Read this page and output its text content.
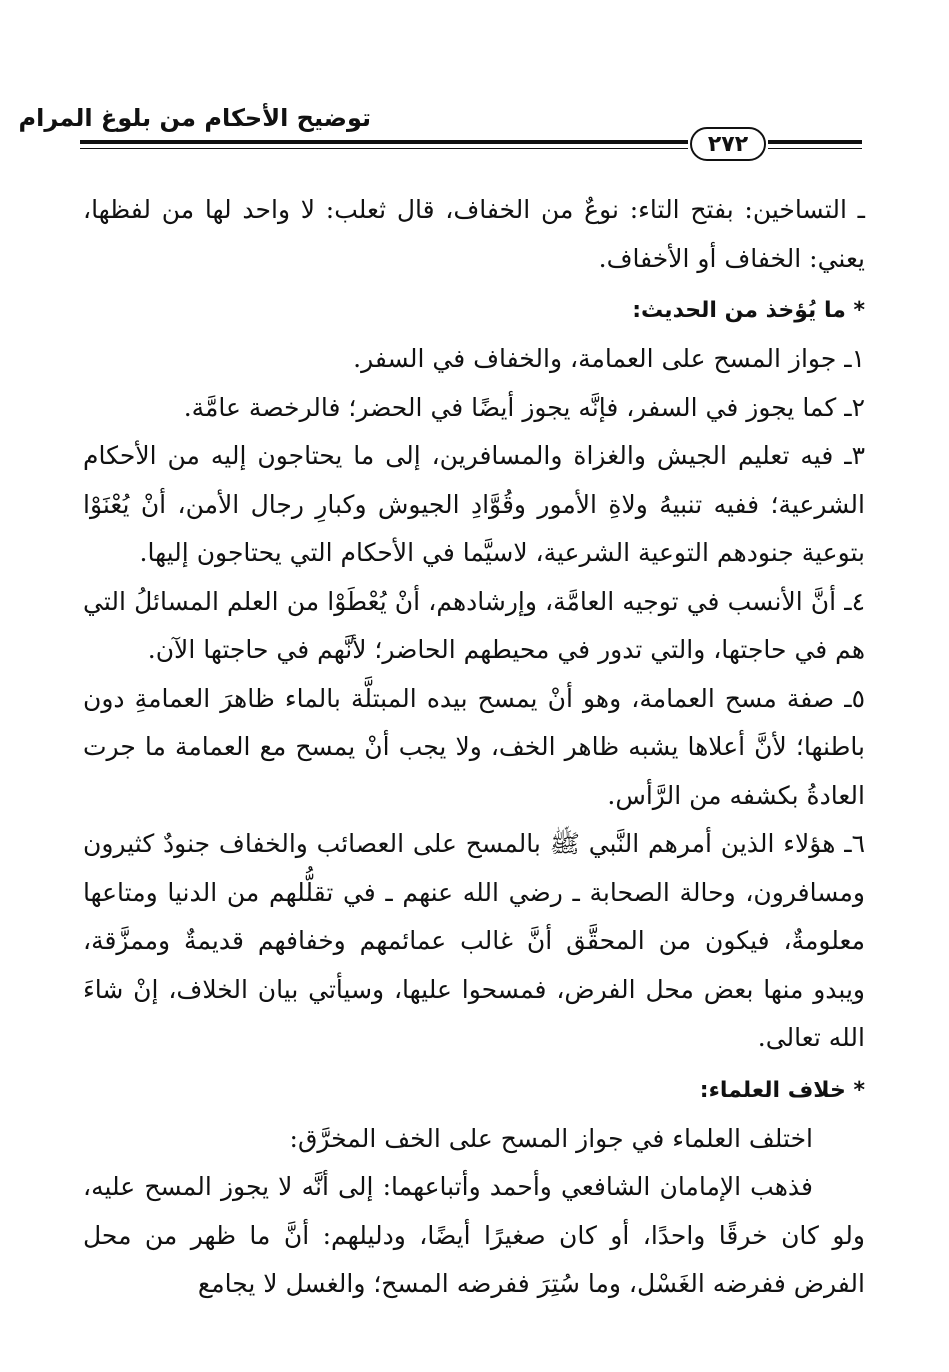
توضيح الأحكام من بلوغ المرام
٢٧٢

ـ التساخين: بفتح التاء: نوعٌ من الخفاف، قال ثعلب: لا واحد لها من لفظها، يعني: الخفاف أو الأخفاف.

* ما يُؤخذ من الحديث:

١ـ جواز المسح على العمامة، والخفاف في السفر.

٢ـ كما يجوز في السفر، فإنَّه يجوز أيضًا في الحضر؛ فالرخصة عامَّة.

٣ـ فيه تعليم الجيش والغزاة والمسافرين، إلى ما يحتاجون إليه من الأحكام الشرعية؛ ففيه تنبيهُ ولاةِ الأمور وقُوَّادِ الجيوش وكبارِ رجال الأمن، أنْ يُعْنَوْا بتوعية جنودهم التوعية الشرعية، لاسيَّما في الأحكام التي يحتاجون إليها.

٤ـ أنَّ الأنسب في توجيه العامَّة، وإرشادهم، أنْ يُعْطَوْا من العلم المسائلُ التي هم في حاجتها، والتي تدور في محيطهم الحاضر؛ لأنَّهم في حاجتها الآن.

٥ـ صفة مسح العمامة، وهو أنْ يمسح بيده المبتلَّة بالماء ظاهرَ العمامةِ دون باطنها؛ لأنَّ أعلاها يشبه ظاهر الخف، ولا يجب أنْ يمسح مع العمامة ما جرت العادةُ بكشفه من الرَّأس.

٦ـ هؤلاء الذين أمرهم النَّبي ﷺ بالمسح على العصائب والخفاف جنودٌ كثيرون ومسافرون، وحالة الصحابة ـ رضي الله عنهم ـ في تقلُّلهم من الدنيا ومتاعها معلومةٌ، فيكون من المحقَّق أنَّ غالب عمائمهم وخفافهم قديمةٌ وممزَّقة، ويبدو منها بعض محل الفرض، فمسحوا عليها، وسيأتي بيان الخلاف، إنْ شاءَ الله تعالى.

* خلاف العلماء:

اختلف العلماء في جواز المسح على الخف المخرَّق:

فذهب الإمامان الشافعي وأحمد وأتباعهما: إلى أنَّه لا يجوز المسح عليه، ولو كان خرقًا واحدًا، أو كان صغيرًا أيضًا، ودليلهم: أنَّ ما ظهر من محل الفرض ففرضه الغَسْل، وما سُتِرَ ففرضه المسح؛ والغسل لا يجامع
